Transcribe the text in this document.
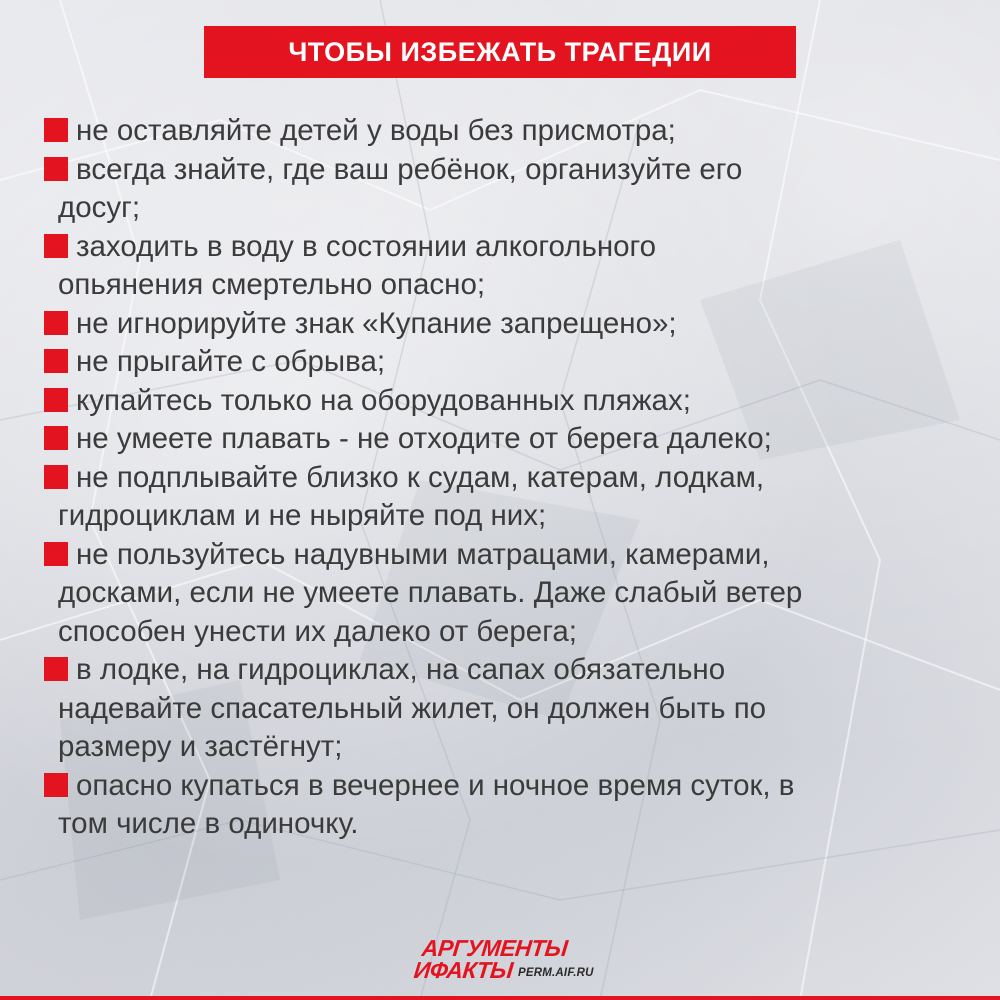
ЧТОБЫ ИЗБЕЖАТЬ ТРАГЕДИИ
не оставляйте детей у воды без присмотра;
всегда знайте, где ваш ребёнок, организуйте его
досуг;
заходить в воду в состоянии алкогольного
опьянения смертельно опасно;
не игнорируйте знак «Купание запрещено»;
не прыгайте с обрыва;
купайтесь только на оборудованных пляжах;
не умеете плавать - не отходите от берега далеко;
не подплывайте близко к судам, катерам, лодкам,
гидроциклам и не ныряйте под них;
не пользуйтесь надувными матрацами, камерами,
досками, если не умеете плавать. Даже слабый ветер
способен унести их далеко от берега;
в лодке, на гидроциклах, на сапах обязательно
надевайте спасательный жилет, он должен быть по
размеру и застёгнут;
опасно купаться в вечернее и ночное время суток, в
том числе в одиночку.
АРГУМЕНТЫ
ИФАКТЫ PERM.AIF.RU
